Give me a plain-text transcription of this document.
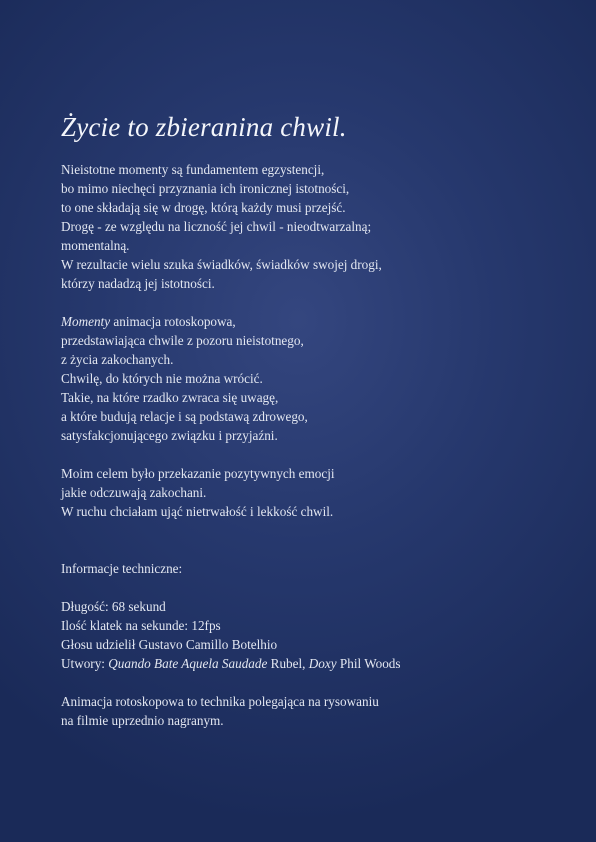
Życie to zbieranina chwil.
Nieistotne momenty są fundamentem egzystencji,
bo mimo niechęci przyznania ich ironicznej istotności,
to one składają się w drogę, którą każdy musi przejść.
Drogę - ze względu na liczność jej chwil - nieodtwarzalną;
momentalną.
W rezultacie wielu szuka świadków, świadków swojej drogi,
którzy nadadzą jej istotności.
Momenty animacja rotoskopowa,
przedstawiająca chwile z pozoru nieistotnego,
z życia zakochanych.
Chwilę, do których nie można wrócić.
Takie, na które rzadko zwraca się uwagę,
a które budują relacje i są podstawą zdrowego,
satysfakcjonującego związku i przyjaźni.
Moim celem było przekazanie pozytywnych emocji
jakie odczuwają zakochani.
W ruchu chciałam ująć nietrwałość i lekkość chwil.
Informacje techniczne:
Długość: 68 sekund
Ilość klatek na sekunde: 12fps
Głosu udzielił Gustavo Camillo Botelhio
Utwory: Quando Bate Aquela Saudade Rubel, Doxy Phil Woods
Animacja rotoskopowa to technika polegająca na rysowaniu
na filmie uprzednio nagranym.
